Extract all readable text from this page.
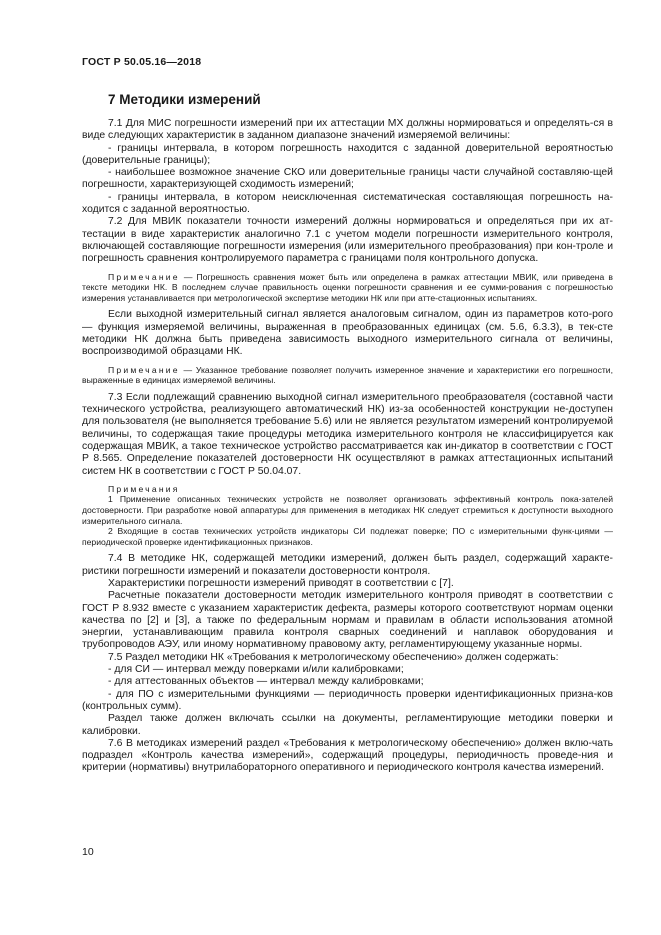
ГОСТ Р 50.05.16—2018
7 Методики измерений
7.1 Для МИС погрешности измерений при их аттестации МХ должны нормироваться и определять-ся в виде следующих характеристик в заданном диапазоне значений измеряемой величины:
- границы интервала, в котором погрешность находится с заданной доверительной вероятностью (доверительные границы);
- наибольшее возможное значение СКО или доверительные границы части случайной составляю-щей погрешности, характеризующей сходимость измерений;
- границы интервала, в котором неисключенная систематическая составляющая погрешность на-ходится с заданной вероятностью.
7.2 Для МВИК показатели точности измерений должны нормироваться и определяться при их ат-тестации в виде характеристик аналогично 7.1 с учетом модели погрешности измерительного контроля, включающей составляющие погрешности измерения (или измерительного преобразования) при кон-троле и погрешность сравнения контролируемого параметра с границами поля контрольного допуска.
Примечание — Погрешность сравнения может быть или определена в рамках аттестации МВИК, или приведена в тексте методики НК. В последнем случае правильность оценки погрешности сравнения и ее сумми-рования с погрешностью измерения устанавливается при метрологической экспертизе методики НК или при атте-стационных испытаниях.
Если выходной измерительный сигнал является аналоговым сигналом, один из параметров кото-рого — функция измеряемой величины, выраженная в преобразованных единицах (см. 5.6, 6.3.3), в тек-сте методики НК должна быть приведена зависимость выходного измерительного сигнала от величины, воспроизводимой образцами НК.
Примечание — Указанное требование позволяет получить измеренное значение и характеристики его погрешности, выраженные в единицах измеряемой величины.
7.3 Если подлежащий сравнению выходной сигнал измерительного преобразователя (составной части технического устройства, реализующего автоматический НК) из-за особенностей конструкции не-доступен для пользователя (не выполняется требование 5.6) или не является результатом измерений контролируемой величины, то содержащая такие процедуры методика измерительного контроля не классифицируется как содержащая МВИК, а такое техническое устройство рассматривается как ин-дикатор в соответствии с ГОСТ Р 8.565. Определение показателей достоверности НК осуществляют в рамках аттестационных испытаний систем НК в соответствии с ГОСТ Р 50.04.07.
Примечания
1 Применение описанных технических устройств не позволяет организовать эффективный контроль пока-зателей достоверности. При разработке новой аппаратуры для применения в методиках НК следует стремиться к доступности выходного измерительного сигнала.
2 Входящие в состав технических устройств индикаторы СИ подлежат поверке; ПО с измерительными функ-циями — периодической проверке идентификационных признаков.
7.4 В методике НК, содержащей методики измерений, должен быть раздел, содержащий характе-ристики погрешности измерений и показатели достоверности контроля.
Характеристики погрешности измерений приводят в соответствии с [7].
Расчетные показатели достоверности методик измерительного контроля приводят в соответствии с ГОСТ Р 8.932 вместе с указанием характеристик дефекта, размеры которого соответствуют нормам оценки качества по [2] и [3], а также по федеральным нормам и правилам в области использования атомной энергии, устанавливающим правила контроля сварных соединений и наплавок оборудования и трубопроводов АЭУ, или иному нормативному правовому акту, регламентирующему указанные нормы.
7.5 Раздел методики НК «Требования к метрологическому обеспечению» должен содержать:
- для СИ — интервал между поверками и/или калибровками;
- для аттестованных объектов — интервал между калибровками;
- для ПО с измерительными функциями — периодичность проверки идентификационных призна-ков (контрольных сумм).
Раздел также должен включать ссылки на документы, регламентирующие методики поверки и калибровки.
7.6 В методиках измерений раздел «Требования к метрологическому обеспечению» должен вклю-чать подраздел «Контроль качества измерений», содержащий процедуры, периодичность проведе-ния и критерии (нормативы) внутрилабораторного оперативного и периодического контроля качества измерений.
10
